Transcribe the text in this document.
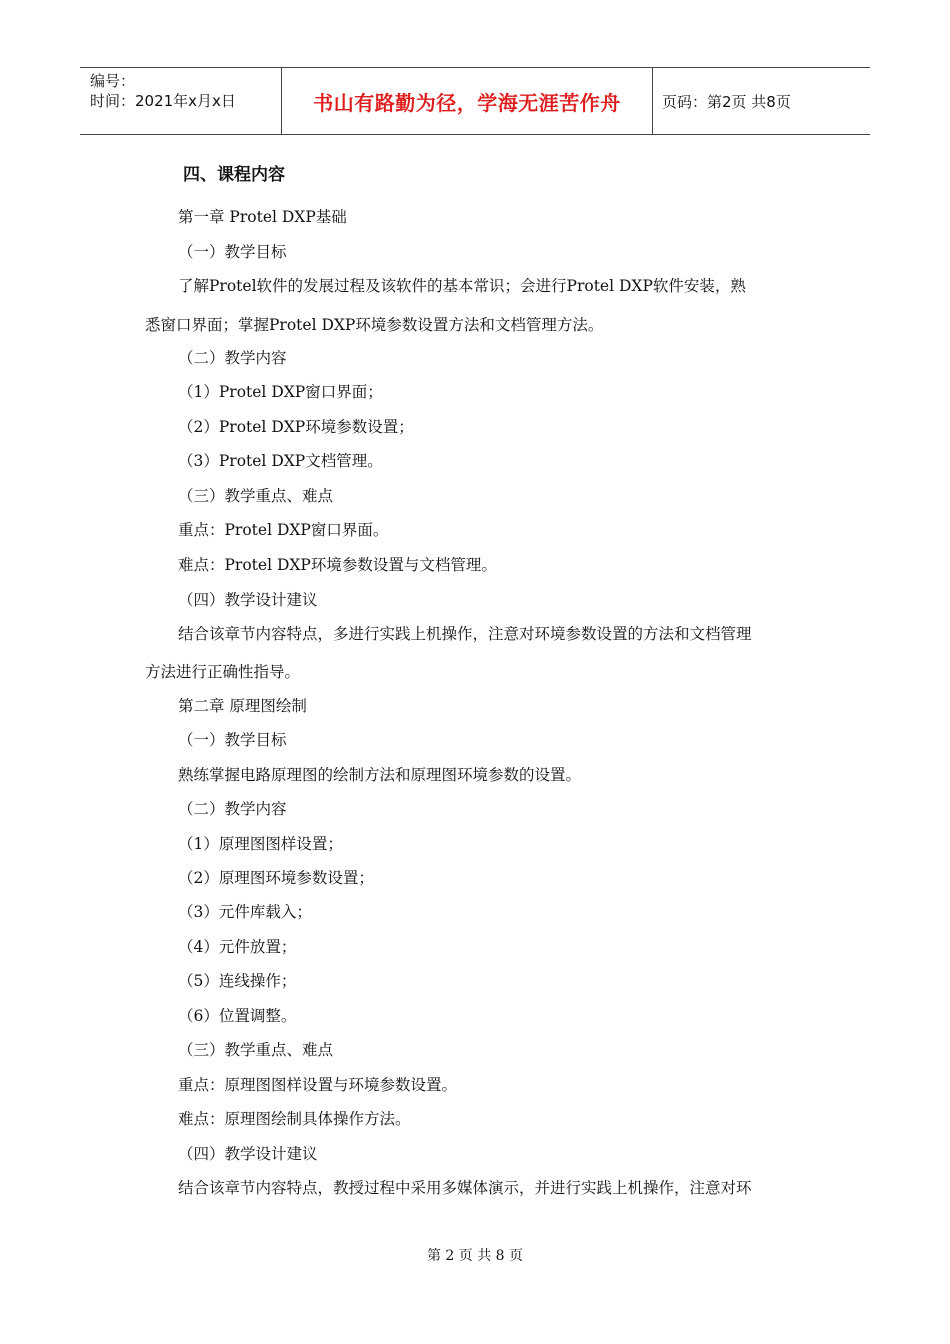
编号：
时间：2021年x月x日	书山有路勤为径，学海无涯苦作舟	页码：第2页 共8页
四、课程内容
第一章 Protel DXP基础
（一）教学目标
了解Protel软件的发展过程及该软件的基本常识；会进行Protel DXP软件安装，熟
悉窗口界面；掌握Protel DXP环境参数设置方法和文档管理方法。
（二）教学内容
（1）Protel DXP窗口界面；
（2）Protel DXP环境参数设置；
（3）Protel DXP文档管理。
（三）教学重点、难点
重点：Protel DXP窗口界面。
难点：Protel DXP环境参数设置与文档管理。
（四）教学设计建议
结合该章节内容特点，多进行实践上机操作，注意对环境参数设置的方法和文档管理
方法进行正确性指导。
第二章 原理图绘制
（一）教学目标
熟练掌握电路原理图的绘制方法和原理图环境参数的设置。
（二）教学内容
（1）原理图图样设置；
（2）原理图环境参数设置；
（3）元件库载入；
（4）元件放置；
（5）连线操作；
（6）位置调整。
（三）教学重点、难点
重点：原理图图样设置与环境参数设置。
难点：原理图绘制具体操作方法。
（四）教学设计建议
结合该章节内容特点，教授过程中采用多媒体演示，并进行实践上机操作，注意对环
第 2 页 共 8 页
